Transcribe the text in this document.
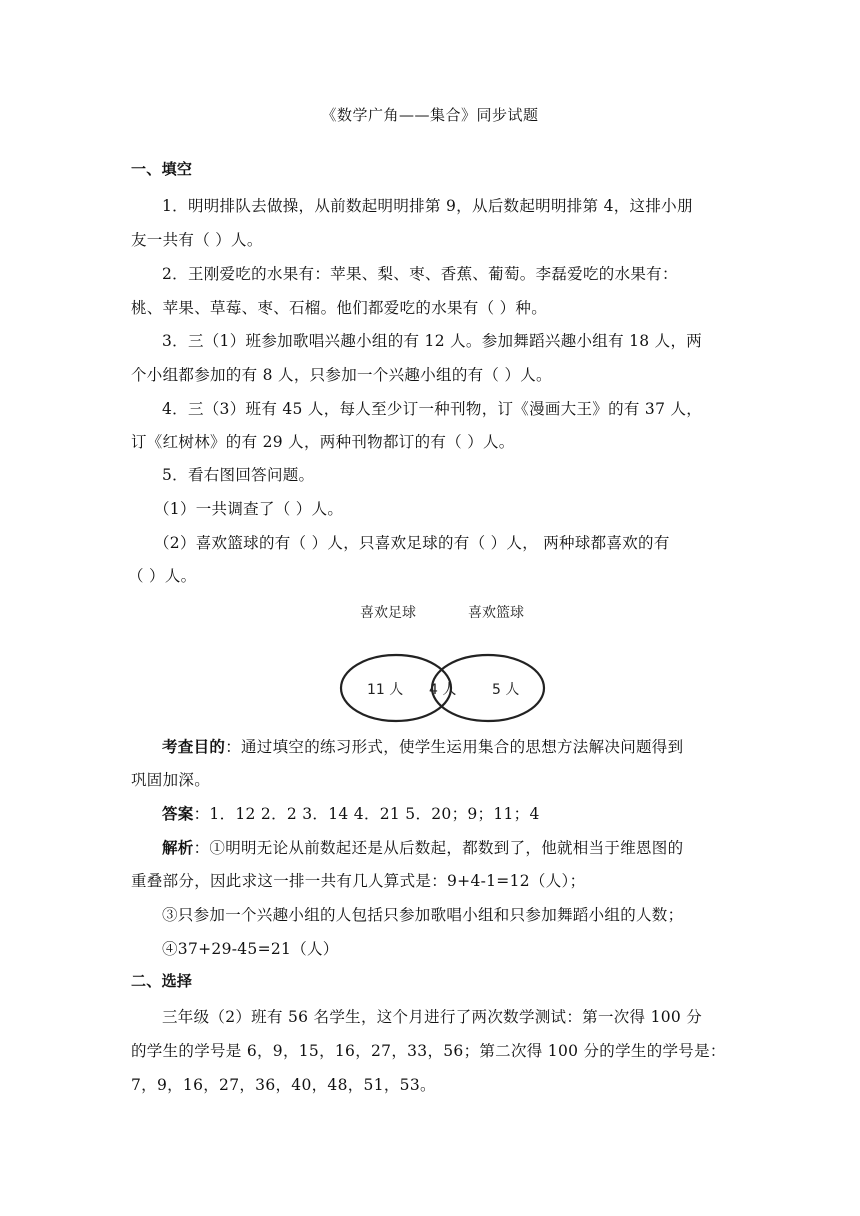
《数学广角——集合》同步试题
一、填空
1．明明排队去做操，从前数起明明排第 9，从后数起明明排第 4，这排小朋
友一共有（ ）人。
2．王刚爱吃的水果有：苹果、梨、枣、香蕉、葡萄。李磊爱吃的水果有：
桃、苹果、草莓、枣、石榴。他们都爱吃的水果有（ ）种。
3．三（1）班参加歌唱兴趣小组的有 12 人。参加舞蹈兴趣小组有 18 人，两
个小组都参加的有 8 人，只参加一个兴趣小组的有（ ）人。
4．三（3）班有 45 人，每人至少订一种刊物，订《漫画大王》的有 37 人，
订《红树林》的有 29 人，两种刊物都订的有（ ）人。
5．看右图回答问题。
（1）一共调查了（ ）人。
（2）喜欢篮球的有（ ）人，只喜欢足球的有（ ）人， 两种球都喜欢的有
（ ）人。
喜欢足球	喜欢篮球
11 人 4 人	5 人
考查目的：通过填空的练习形式，使学生运用集合的思想方法解决问题得到
巩固加深。
答案：1．12 2．2 3．14 4．21 5．20；9；11；4
解析：①明明无论从前数起还是从后数起，都数到了，他就相当于维恩图的
重叠部分，因此求这一排一共有几人算式是：9+4-1=12（人）；
③只参加一个兴趣小组的人包括只参加歌唱小组和只参加舞蹈小组的人数；
④37+29-45=21（人）
二、选择
三年级（2）班有 56 名学生，这个月进行了两次数学测试：第一次得 100 分
的学生的学号是 6，9，15，16，27，33，56；第二次得 100 分的学生的学号是：
7，9，16，27，36，40，48，51，53。
